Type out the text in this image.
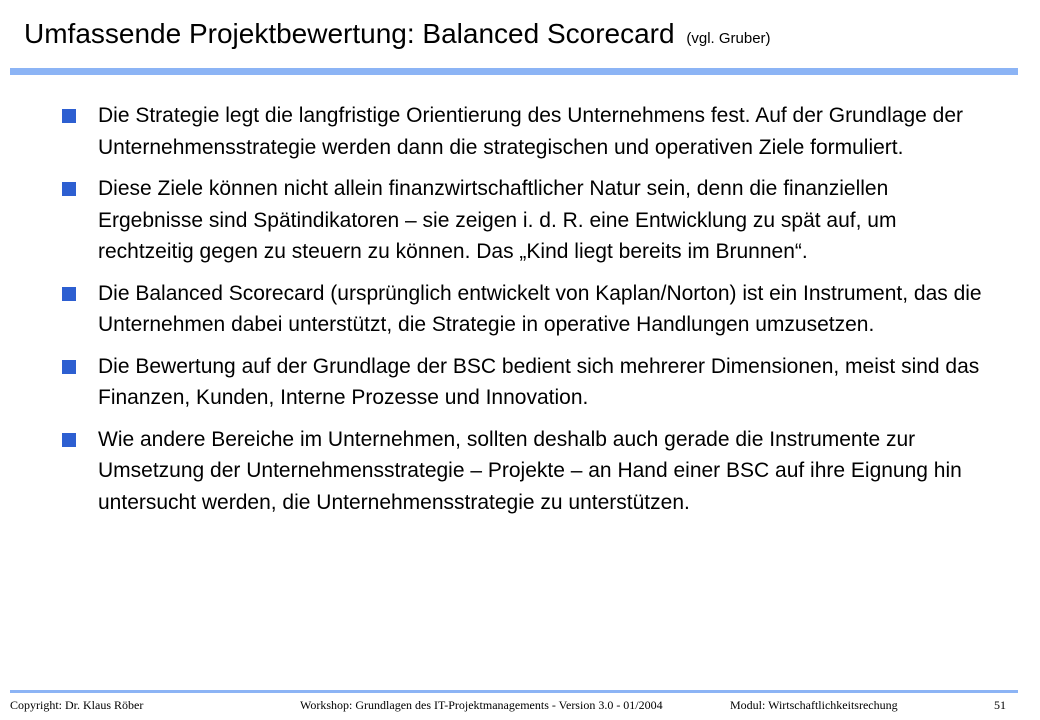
Umfassende Projektbewertung: Balanced Scorecard (vgl. Gruber)
Die Strategie legt die langfristige Orientierung des Unternehmens fest. Auf der Grundlage der Unternehmensstrategie werden dann die strategischen und operativen Ziele formuliert.
Diese Ziele können nicht allein finanzwirtschaftlicher Natur sein, denn die finanziellen Ergebnisse sind Spätindikatoren – sie zeigen i. d. R. eine Entwicklung zu spät auf, um rechtzeitig gegen zu steuern zu können. Das „Kind liegt bereits im Brunnen“.
Die Balanced Scorecard (ursprünglich entwickelt von Kaplan/Norton) ist ein Instrument, das die Unternehmen dabei unterstützt, die Strategie in operative Handlungen umzusetzen.
Die Bewertung auf der Grundlage der BSC bedient sich mehrerer Dimensionen, meist sind das Finanzen, Kunden, Interne Prozesse und Innovation.
Wie andere Bereiche im Unternehmen, sollten deshalb auch gerade die Instrumente zur Umsetzung der Unternehmensstrategie – Projekte – an Hand einer BSC auf ihre Eignung hin untersucht werden, die Unternehmensstrategie zu unterstützen.
Copyright: Dr. Klaus Röber	Workshop: Grundlagen des IT-Projektmanagements - Version 3.0 - 01/2004	Modul: Wirtschaftlichkeitsrechung	51
